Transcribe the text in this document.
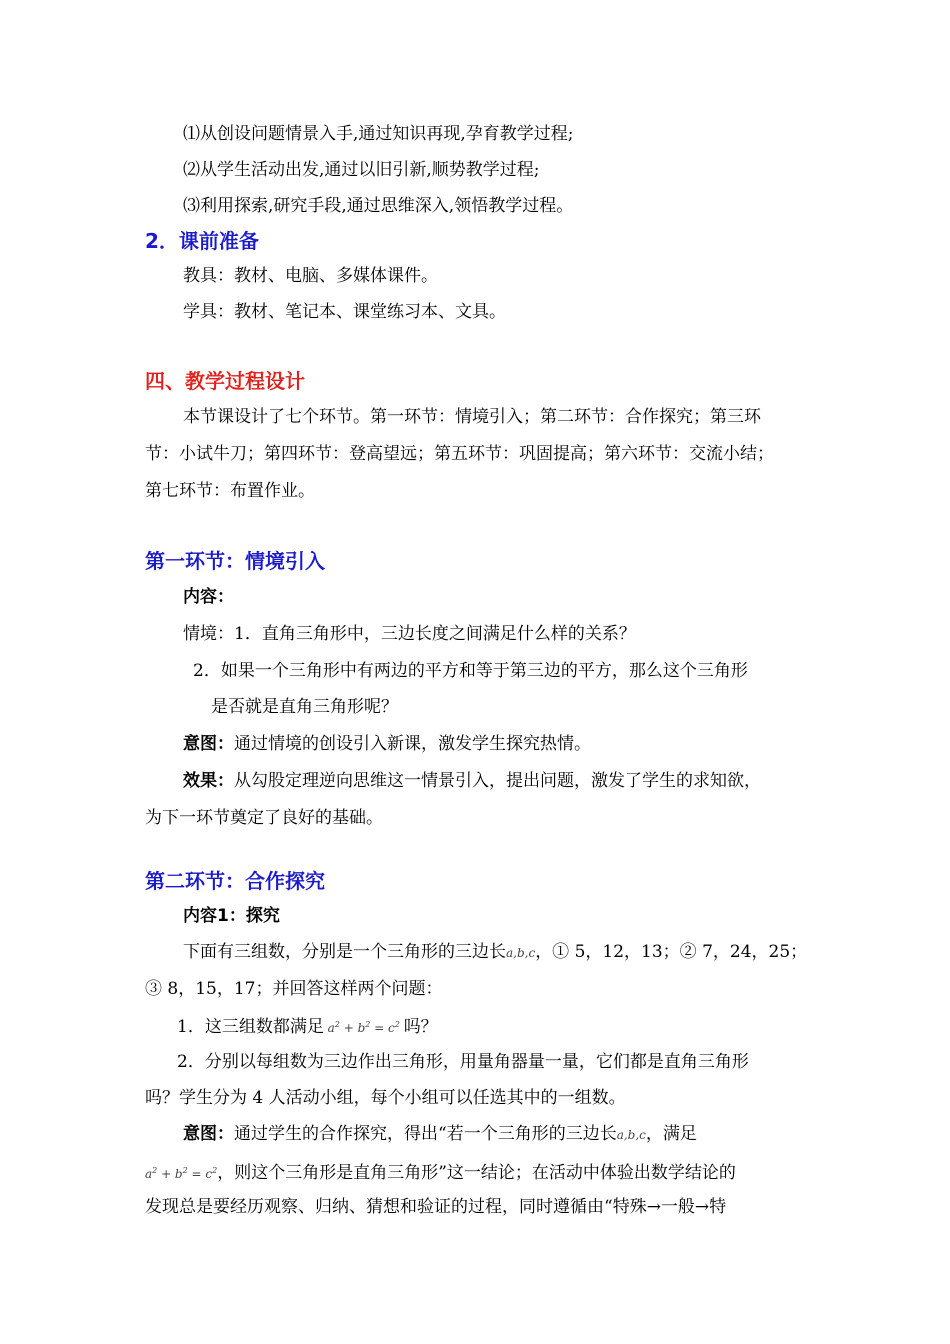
⑴从创设问题情景入手,通过知识再现,孕育教学过程;
⑵从学生活动出发,通过以旧引新,顺势教学过程;
⑶利用探索,研究手段,通过思维深入,领悟教学过程。
2．课前准备
教具：教材、电脑、多媒体课件。
学具：教材、笔记本、课堂练习本、文具。
四、教学过程设计
本节课设计了七个环节。第一环节：情境引入；第二环节：合作探究；第三环
节：小试牛刀；第四环节：登高望远；第五环节：巩固提高；第六环节：交流小结；
第七环节：布置作业。
第一环节：情境引入
内容：
情境：1．直角三角形中，三边长度之间满足什么样的关系？
2．如果一个三角形中有两边的平方和等于第三边的平方，那么这个三角形
是否就是直角三角形呢？
意图：通过情境的创设引入新课，激发学生探究热情。
效果：从勾股定理逆向思维这一情景引入，提出问题，激发了学生的求知欲，
为下一环节奠定了良好的基础。
第二环节：合作探究
内容1：探究
下面有三组数，分别是一个三角形的三边长a,b,c，① 5，12，13；② 7，24，25；
③ 8，15，17；并回答这样两个问题：
1．这三组数都满足 $a^2 + b^2 = c^2$ 吗？
2．分别以每组数为三边作出三角形，用量角器量一量，它们都是直角三角形
吗？学生分为 4 人活动小组，每个小组可以任选其中的一组数。
意图：通过学生的合作探究，得出“若一个三角形的三边长a,b,c，满足
$a^2 + b^2 = c^2$，则这个三角形是直角三角形”这一结论；在活动中体验出数学结论的
发现总是要经历观察、归纳、猜想和验证的过程，同时遵循由“特殊→一般→特
